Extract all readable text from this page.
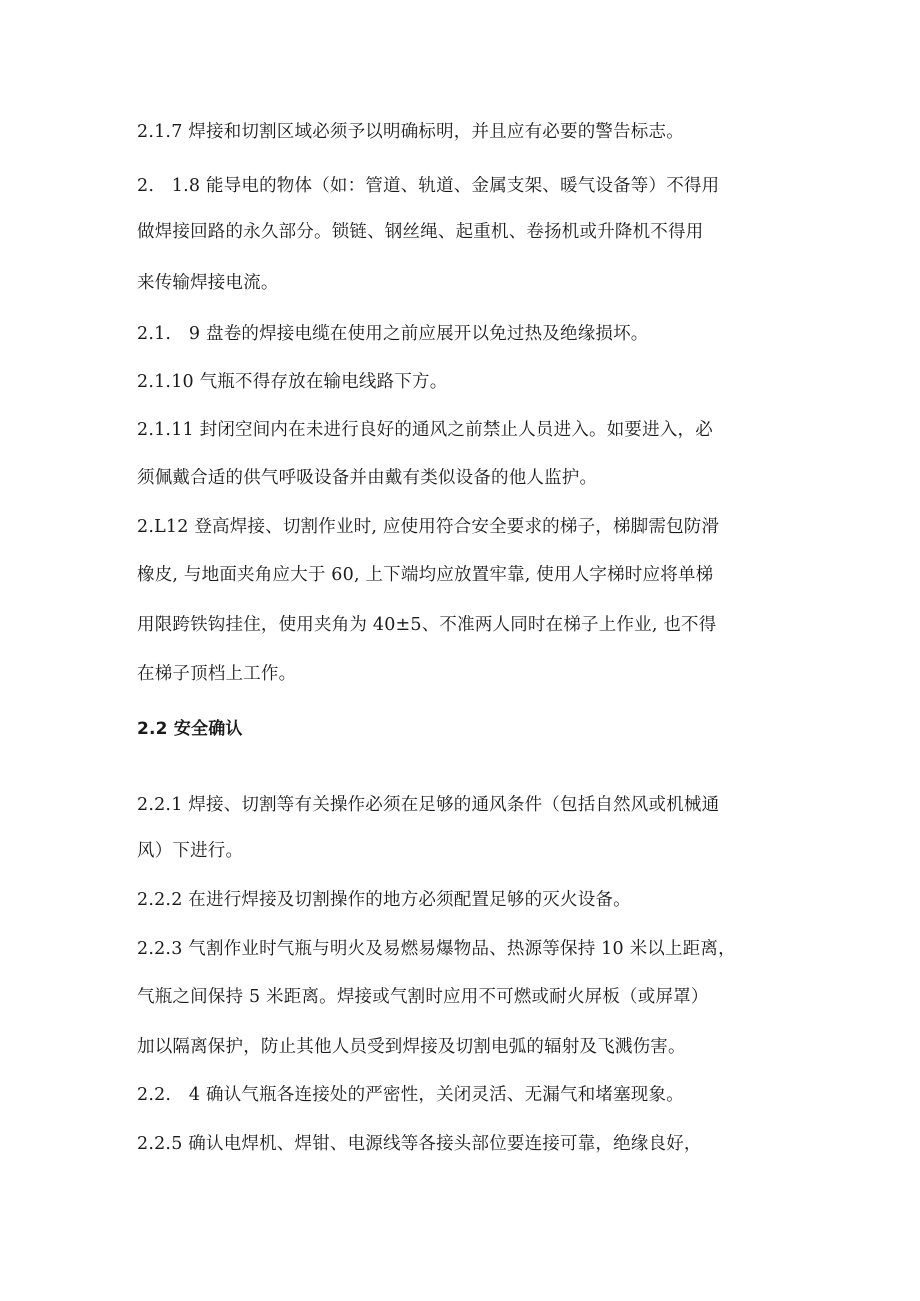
2.1.7 焊接和切割区域必须予以明确标明，并且应有必要的警告标志。
2.　1.8 能导电的物体（如：管道、轨道、金属支架、暖气设备等）不得用
做焊接回路的永久部分。锁链、钢丝绳、起重机、卷扬机或升降机不得用
来传输焊接电流。
2.1.　9 盘卷的焊接电缆在使用之前应展开以免过热及绝缘损坏。
2.1.10 气瓶不得存放在输电线路下方。
2.1.11 封闭空间内在未进行良好的通风之前禁止人员进入。如要进入，必
须佩戴合适的供气呼吸设备并由戴有类似设备的他人监护。
2.L12 登高焊接、切割作业时, 应使用符合安全要求的梯子，梯脚需包防滑
橡皮, 与地面夹角应大于 60, 上下端均应放置牢靠, 使用人字梯时应将单梯
用限跨铁钩挂住，使用夹角为 40±5、不准两人同时在梯子上作业, 也不得
在梯子顶档上工作。
2.2 安全确认
2.2.1 焊接、切割等有关操作必须在足够的通风条件（包括自然风或机械通
风）下进行。
2.2.2 在进行焊接及切割操作的地方必须配置足够的灭火设备。
2.2.3 气割作业时气瓶与明火及易燃易爆物品、热源等保持 10 米以上距离，
气瓶之间保持 5 米距离。焊接或气割时应用不可燃或耐火屏板（或屏罩）
加以隔离保护，防止其他人员受到焊接及切割电弧的辐射及飞溅伤害。
2.2.　4 确认气瓶各连接处的严密性，关闭灵活、无漏气和堵塞现象。
2.2.5 确认电焊机、焊钳、电源线等各接头部位要连接可靠，绝缘良好，
